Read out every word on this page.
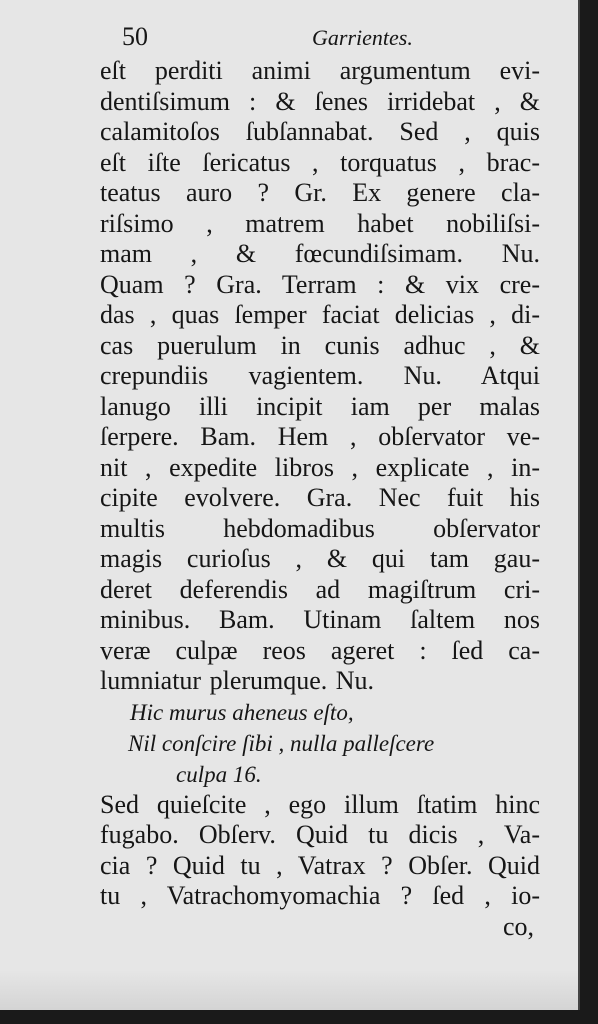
50	Garrientes.
eſt perditi animi argumentum evi-
dentiſsimum : & ſenes irridebat , &
calamitoſos ſubſannabat. Sed , quis
eſt iſte ſericatus , torquatus , brac-
teatus auro ? Gr. Ex genere cla-
riſsimo , matrem habet nobiliſsi-
mam , & fœcundiſsimam. Nu.
Quam ? Gra. Terram : & vix cre-
das , quas ſemper faciat delicias , di-
cas puerulum in cunis adhuc , &
crepundiis vagientem. Nu. Atqui
lanugo illi incipit iam per malas
ſerpere. Bam. Hem , obſervator ve-
nit , expedite libros , explicate , in-
cipite evolvere. Gra. Nec fuit his
multis hebdomadibus obſervator
magis curioſus , & qui tam gau-
deret deferendis ad magiſtrum cri-
minibus. Bam. Utinam ſaltem nos
veræ culpæ reos ageret : ſed ca-
lumniatur plerumque. Nu.
Hic murus aheneus eſto,
Nil conſcire ſibi , nulla palleſcere
culpa 16.
Sed quieſcite , ego illum ſtatim hinc
fugabo. Obſerv. Quid tu dicis , Va-
cia ? Quid tu , Vatrax ? Obſer. Quid
tu , Vatrachomyomachia ? ſed , io-
co,
